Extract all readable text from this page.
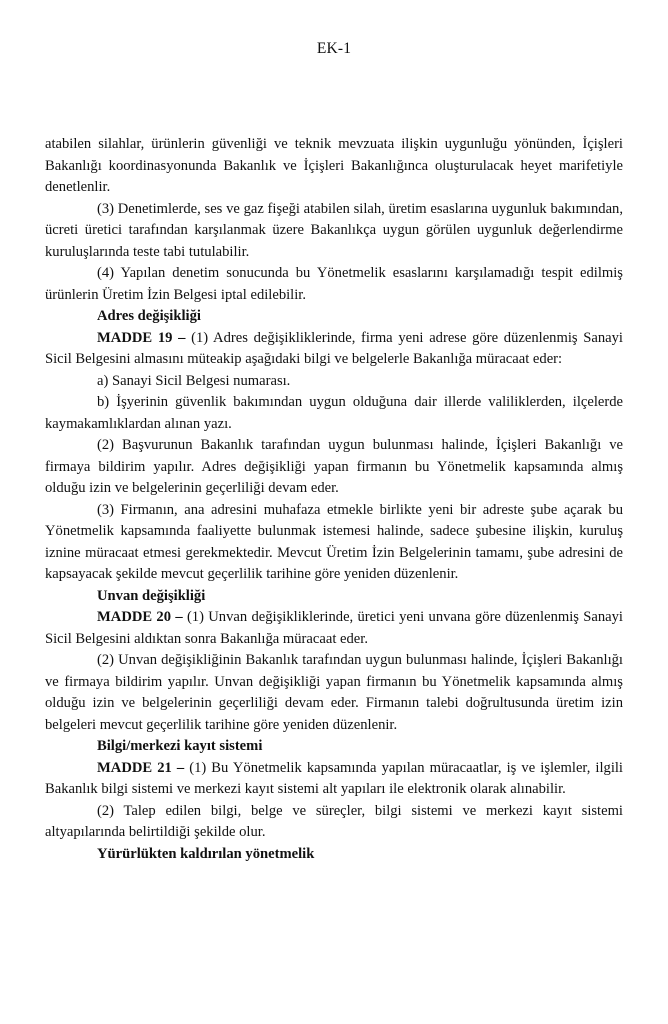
EK-1

atabilen silahlar, ürünlerin güvenliği ve teknik mevzuata ilişkin uygunluğu yönünden, İçişleri Bakanlığı koordinasyonunda Bakanlık ve İçişleri Bakanlığınca oluşturulacak heyet marifetiyle denetlenlir.

(3) Denetimlerde, ses ve gaz fişeği atabilen silah, üretim esaslarına uygunluk bakımından, ücreti üretici tarafından karşılanmak üzere Bakanlıkça uygun görülen uygunluk değerlendirme kuruluşlarında teste tabi tutulabilir.

(4) Yapılan denetim sonucunda bu Yönetmelik esaslarını karşılamadığı tespit edilmiş ürünlerin Üretim İzin Belgesi iptal edilebilir.

Adres değişikliği

MADDE 19 – (1) Adres değişikliklerinde, firma yeni adrese göre düzenlenmiş Sanayi Sicil Belgesini almasını müteakip aşağıdaki bilgi ve belgelerle Bakanlığa müracaat eder:

a) Sanayi Sicil Belgesi numarası.

b) İşyerinin güvenlik bakımından uygun olduğuna dair illerde valiliklerden, ilçelerde kaymakamlıklardan alınan yazı.

(2) Başvurunun Bakanlık tarafından uygun bulunması halinde, İçişleri Bakanlığı ve firmaya bildirim yapılır. Adres değişikliği yapan firmanın bu Yönetmelik kapsamında almış olduğu izin ve belgelerinin geçerliliği devam eder.

(3) Firmanın, ana adresini muhafaza etmekle birlikte yeni bir adreste şube açarak bu Yönetmelik kapsamında faaliyette bulunmak istemesi halinde, sadece şubesine ilişkin, kuruluş iznine müracaat etmesi gerekmektedir. Mevcut Üretim İzin Belgelerinin tamamı, şube adresini de kapsayacak şekilde mevcut geçerlilik tarihine göre yeniden düzenlenir.

Unvan değişikliği

MADDE 20 – (1) Unvan değişikliklerinde, üretici yeni unvana göre düzenlenmiş Sanayi Sicil Belgesini aldıktan sonra Bakanlığa müracaat eder.

(2) Unvan değişikliğinin Bakanlık tarafından uygun bulunması halinde, İçişleri Bakanlığı ve firmaya bildirim yapılır. Unvan değişikliği yapan firmanın bu Yönetmelik kapsamında almış olduğu izin ve belgelerinin geçerliliği devam eder. Firmanın talebi doğrultusunda üretim izin belgeleri mevcut geçerlilik tarihine göre yeniden düzenlenir.

Bilgi/merkezi kayıt sistemi

MADDE 21 – (1) Bu Yönetmelik kapsamında yapılan müracaatlar, iş ve işlemler, ilgili Bakanlık bilgi sistemi ve merkezi kayıt sistemi alt yapıları ile elektronik olarak alınabilir.

(2) Talep edilen bilgi, belge ve süreçler, bilgi sistemi ve merkezi kayıt sistemi altyapılarında belirtildiği şekilde olur.

Yürürlükten kaldırılan yönetmelik
